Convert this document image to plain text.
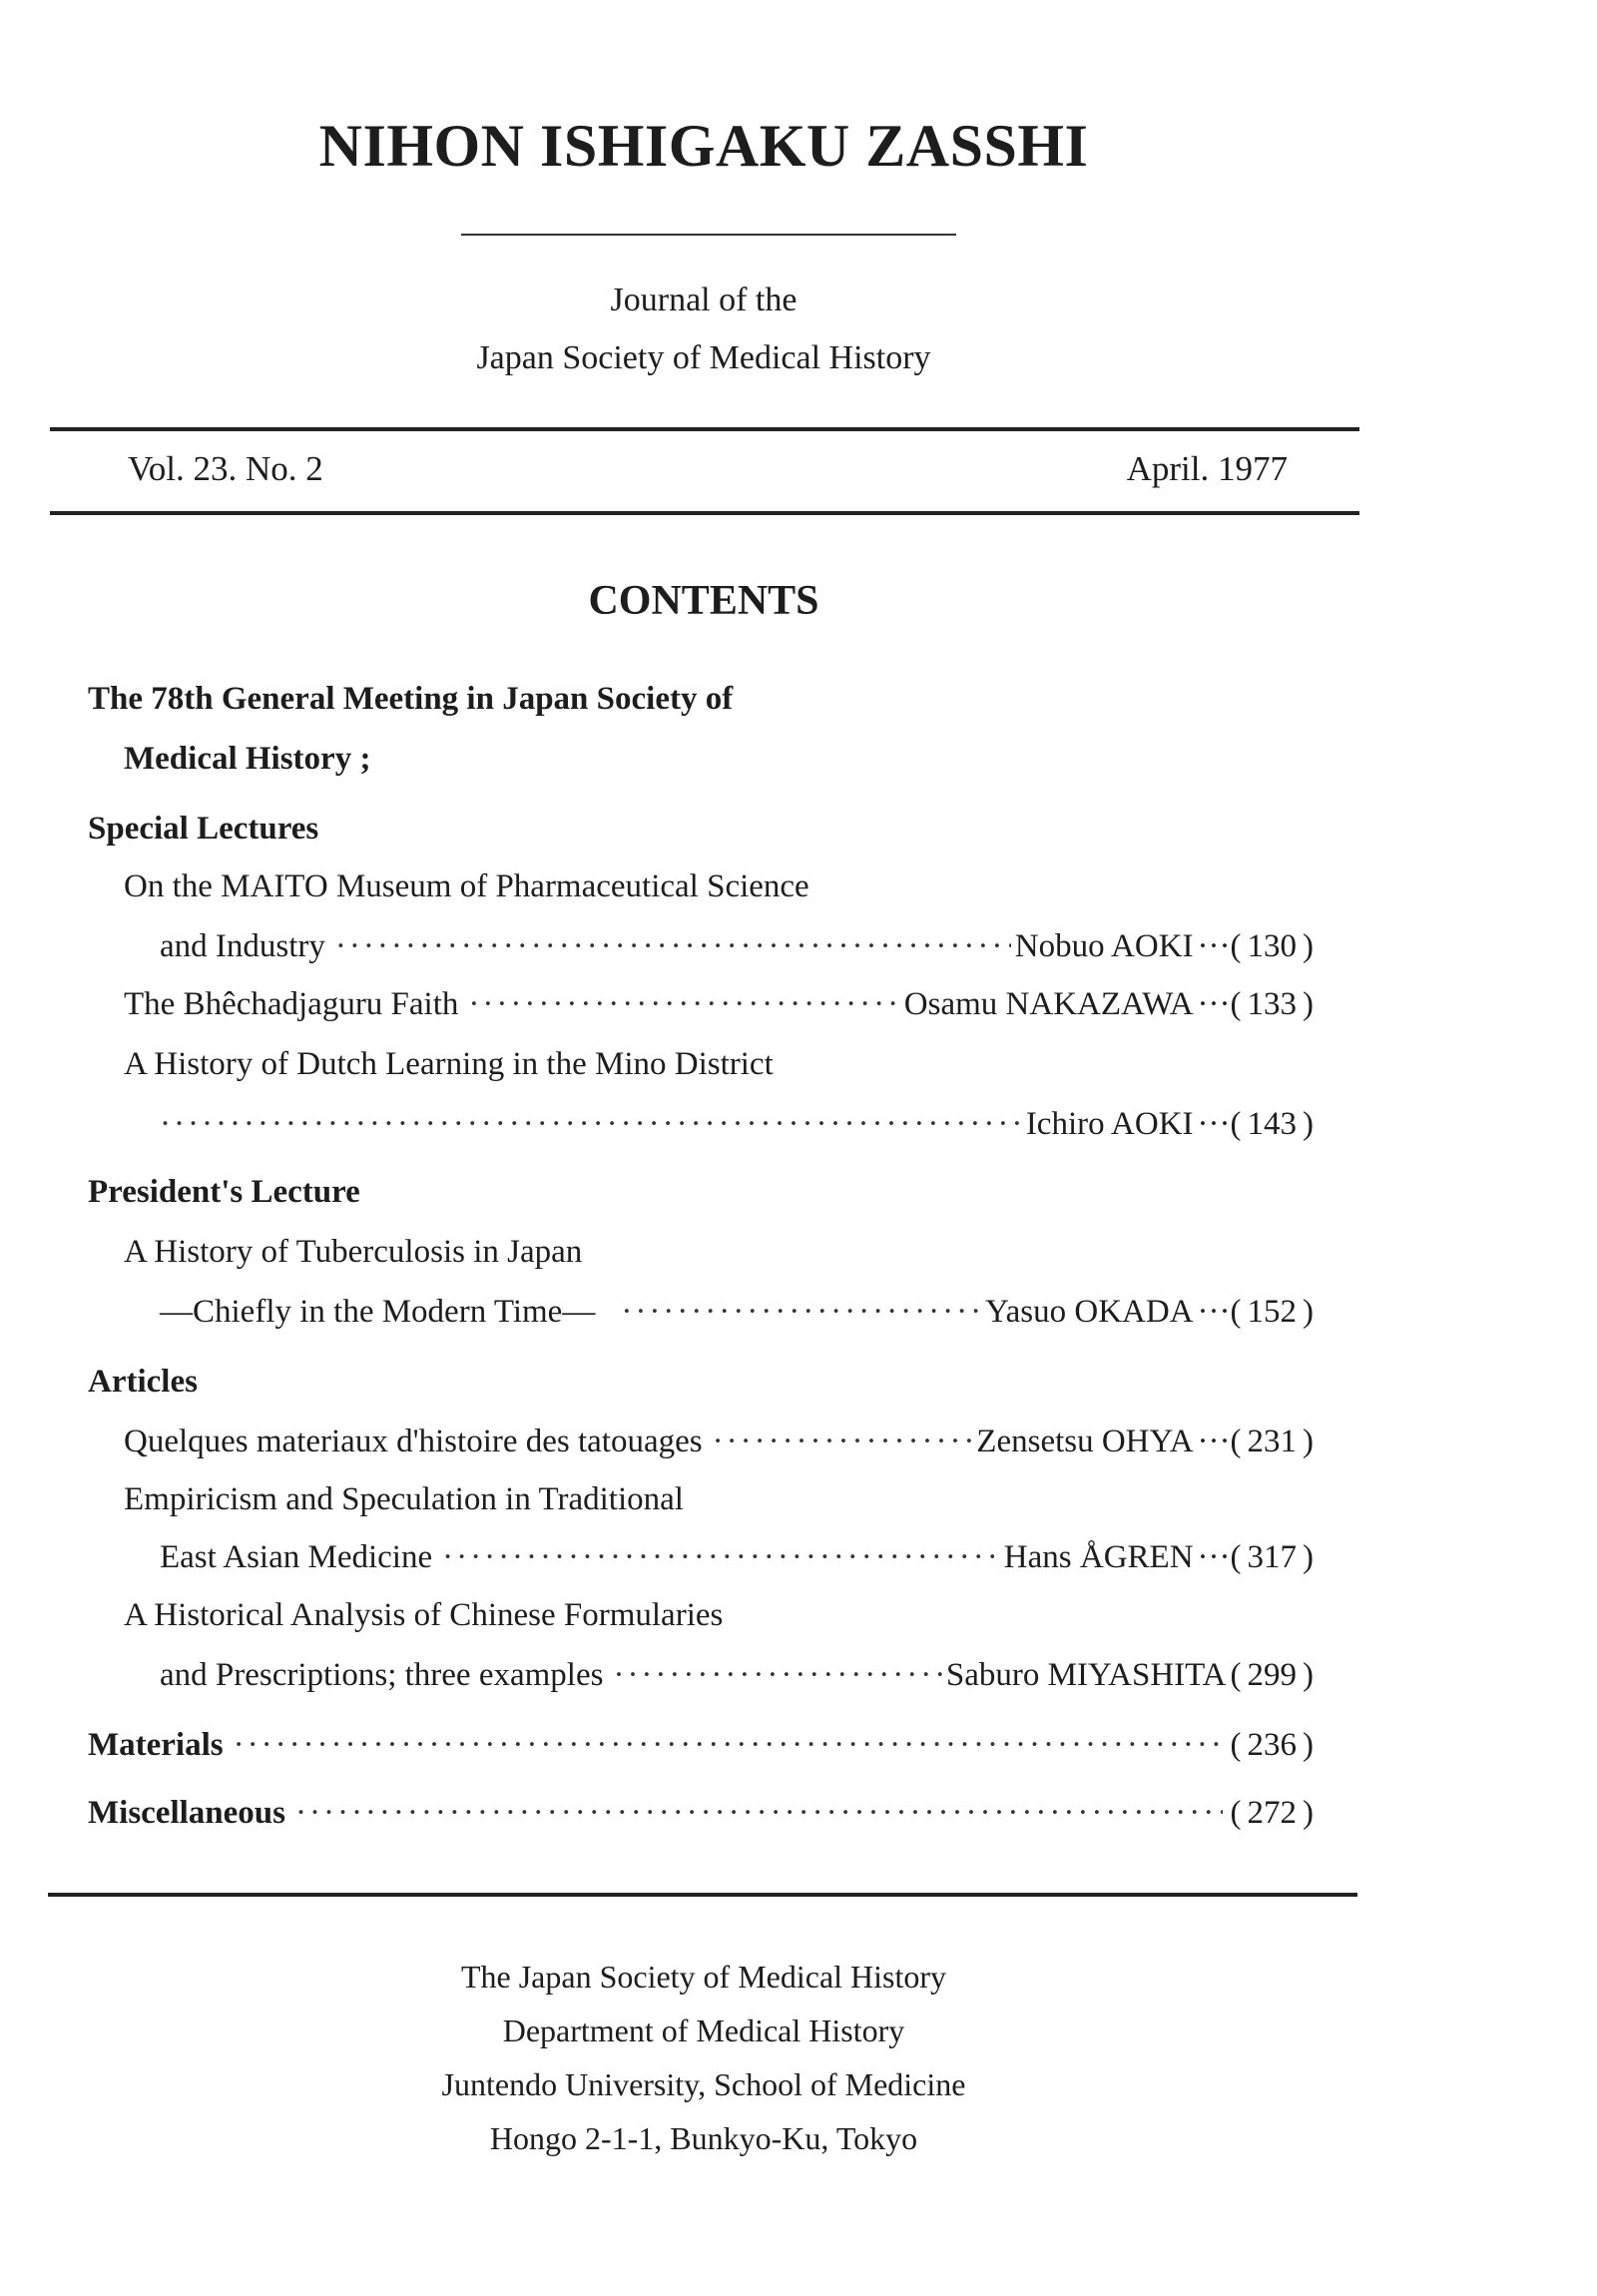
NIHON ISHIGAKU ZASSHI

Journal of the

Japan Society of Medical History

Vol. 23. No. 2	April. 1977

CONTENTS
The 78th General Meeting in Japan Society of
Medical History ;
Special Lectures
On the MAITO Museum of Pharmaceutical Science
and Industry ·····	Nobuo AOKI ···( 130 )
The Bhêchadjaguru Faith ·····	Osamu NAKAZAWA ···( 133 )
A History of Dutch Learning in the Mino District
·····
Ichiro AOKI ···( 143 )
President's Lecture
A History of Tuberculosis in Japan
—Chiefly in the Modern Time— ·····	Yasuo OKADA ···( 152 )
Articles
Quelques materiaux d'histoire des tatouages ·····	Zensetsu OHYA ···( 231 )
Empiricism and Speculation in Traditional
East Asian Medicine ·····	Hans ÅGREN ···( 317 )
A Historical Analysis of Chinese Formularies
and Prescriptions; three examples ·····	Saburo MIYASHITA ( 299 )
Materials ·····	( 236 )
Miscellaneous ·····	( 272 )

The Japan Society of Medical History

Department of Medical History

Juntendo University, School of Medicine

Hongo 2-1-1, Bunkyo-Ku, Tokyo
